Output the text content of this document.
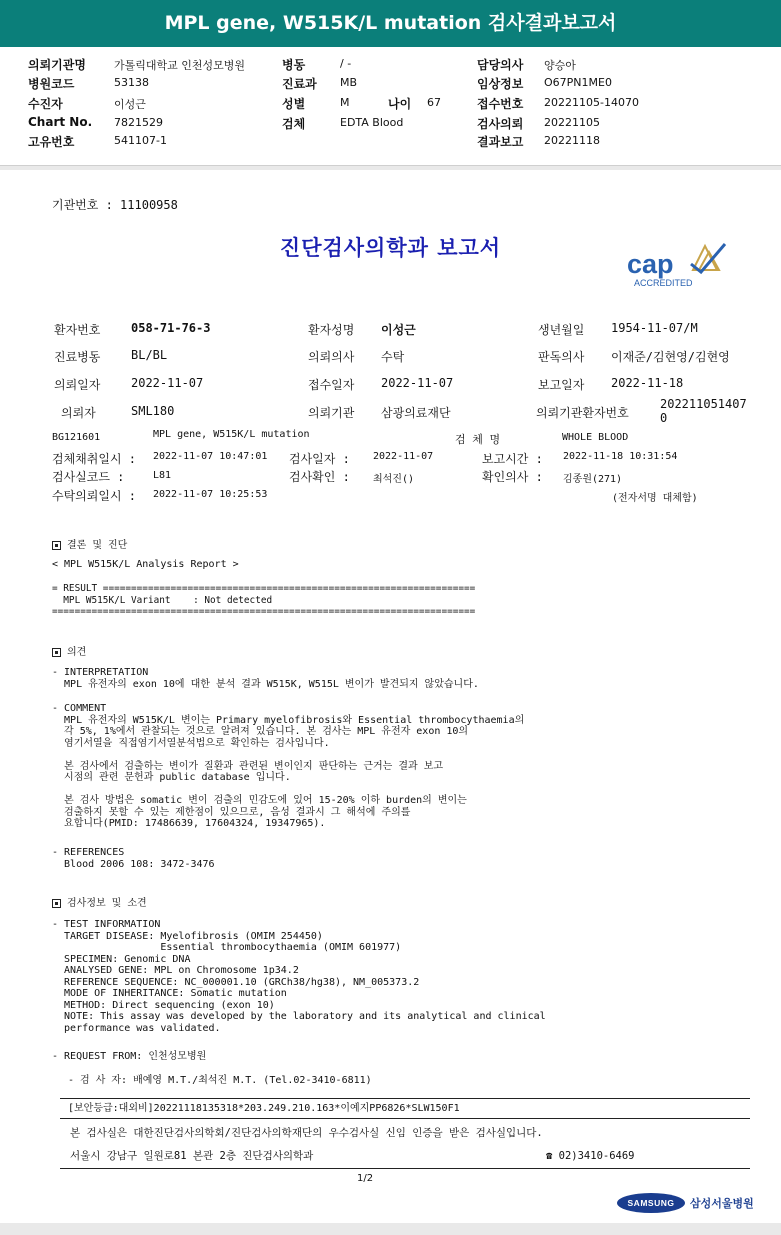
MPL gene, W515K/L mutation 검사결과보고서
의뢰기관명	가톨릭대학교 인천성모병원
병원코드	53138
수진자	이성근
Chart No. 7821529
고유번호	541107-1
병동	/ -
진료과 MB
성별	M	나이 67
검체	EDTA Blood
담당의사 양승아
임상정보 O67PN1ME0
접수번호 20221105-14070
검사의뢰 20221105
결과보고 20221118
기관번호 : 11100958
진단검사의학과 보고서
cap
ACCREDITED
환자번호	058-71-76-3	환자성명 이성근	생년월일 1954-11-07/M
진료병동	BL/BL	의뢰의사 수탁	판독의사 이재준/김현영/김현영
의뢰일자	2022-11-07	접수일자 2022-11-07	보고일자 2022-11-18
의뢰자	SML180	의뢰기관 삼광의료재단	의뢰기관환자번호
202211051407
0
BG121601	MPL gene, W515K/L mutation	검 체 명	WHOLE BLOOD
검체채취일시 : 2022-11-07 10:47:01 검사일자 : 2022-11-07	보고시간 : 2022-11-18 10:31:54
검사실코드 :	L81	검사확인 : 최석진()	확인의사 : 김종원(271)
수탁의뢰일시 : 2022-11-07 10:25:53	(전자서명 대체함)
결론 및 진단
< MPL W515K/L Analysis Report >
= RESULT ==================================================================
MPL W515K/L Variant    : Not detected
===========================================================================
의견
- INTERPRETATION
MPL 유전자의 exon 10에 대한 분석 결과 W515K, W515L 변이가 발견되지 않았습니다.
- COMMENT
MPL 유전자의 W515K/L 변이는 Primary myelofibrosis와 Essential thrombocythaemia의
각 5%, 1%에서 관찰되는 것으로 알려져 있습니다. 본 검사는 MPL 유전자 exon 10의
염기서열을 직접염기서열분석법으로 확인하는 검사입니다.

본 검사에서 검출하는 변이가 질환과 관련된 변이인지 판단하는 근거는 결과 보고
시점의 관련 문헌과 public database 입니다.

본 검사 방법은 somatic 변이 검출의 민감도에 있어 15-20% 이하 burden의 변이는
검출하지 못할 수 있는 제한점이 있으므로, 음성 결과시 그 해석에 주의를
요합니다(PMID: 17486639, 17604324, 19347965).
- REFERENCES
Blood 2006 108: 3472-3476
검사정보 및 소견
- TEST INFORMATION
TARGET DISEASE: Myelofibrosis (OMIM 254450)
Essential thrombocythaemia (OMIM 601977)
SPECIMEN: Genomic DNA
ANALYSED GENE: MPL on Chromosome 1p34.2
REFERENCE SEQUENCE: NC_000001.10 (GRCh38/hg38), NM_005373.2
MODE OF INHERITANCE: Somatic mutation
METHOD: Direct sequencing (exon 10)
NOTE: This assay was developed by the laboratory and its analytical and clinical
performance was validated.
- REQUEST FROM: 인천성모병원
- 검 사 자: 배예영 M.T./최석진 M.T. (Tel.02-3410-6811)
[보안등급:대외비]20221118135318*203.249.210.163*이예지PP6826*SLW150F1
본 검사실은 대한진단검사의학회/진단검사의학재단의 우수검사실 신임 인증을 받은 검사실입니다.
서울시 강남구 일원로81 본관 2층 진단검사의학과	☎ 02)3410-6469
1/2
SAMSUNG	삼성서울병원
